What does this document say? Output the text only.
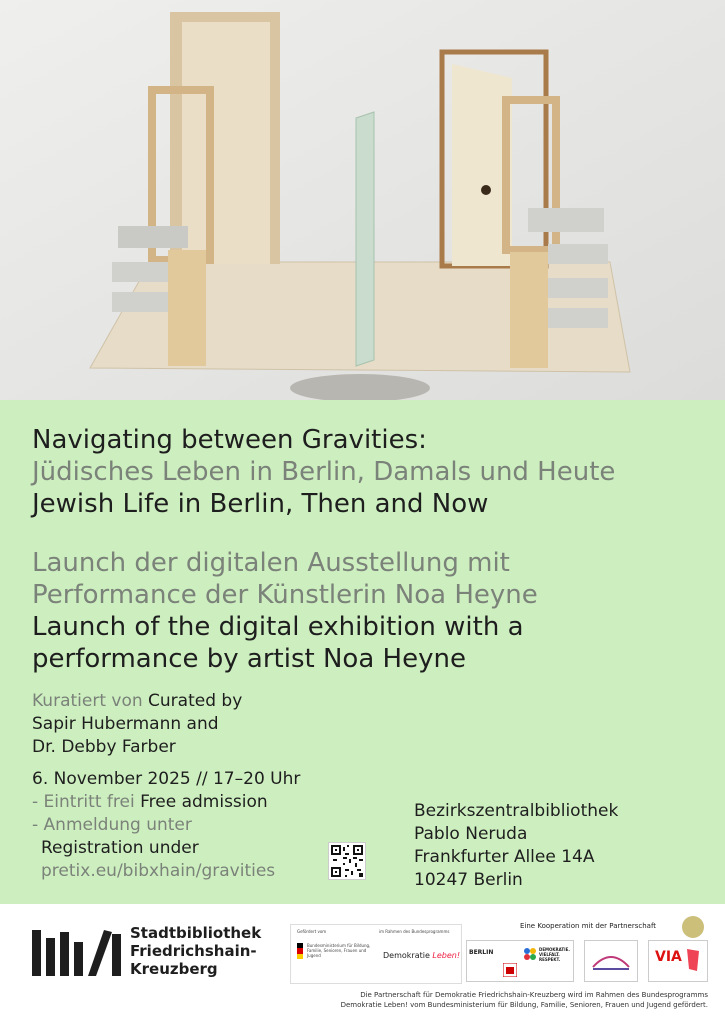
Navigating between Gravities:
Jüdisches Leben in Berlin, Damals und Heute Jewish Life in Berlin, Then and Now
Launch der digitalen Ausstellung mit Performance der Künstlerin Noa Heyne
Launch of the digital exhibition with a performance by artist Noa Heyne
Kuratiert von Curated by
Sapir Hubermann and
Dr. Debby Farber
6. November 2025 // 17–20 Uhr
- Eintritt frei Free admission
- Anmeldung unter
Registration under
pretix.eu/bibxhain/gravities
Bezirkszentralbibliothek
Pablo Neruda
Frankfurter Allee 14A
10247 Berlin
Stadtbibliothek
Friedrichshain-
Kreuzberg
Gefördert vom	im Rahmen des Bundesprogramms
Bundesministerium für Bildung, Familie, Senioren, Frauen und Jugend	Demokratie Leben!
Eine Kooperation mit der Partnerschaft
BERLIN	DEMOKRATIE. VIELFALT. RESPEKT.	VIA
Die Partnerschaft für Demokratie Friedrichshain-Kreuzberg wird im Rahmen des Bundesprogramms
Demokratie Leben! vom Bundesministerium für Bildung, Familie, Senioren, Frauen und Jugend gefördert.
